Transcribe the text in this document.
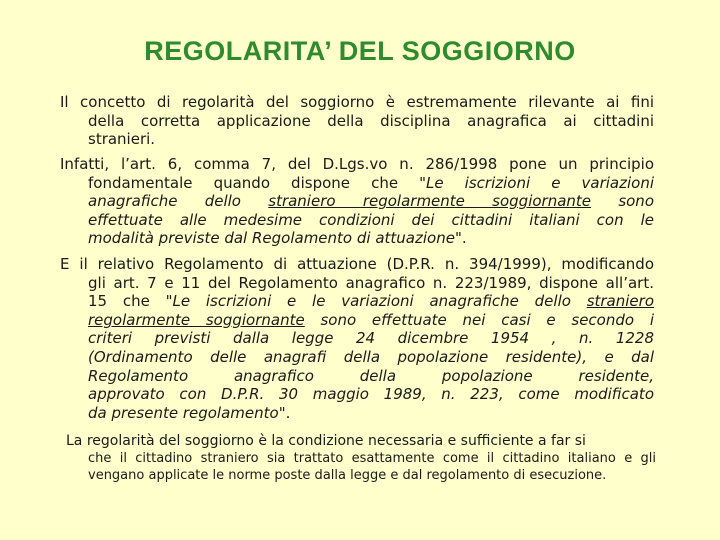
REGOLARITA’ DEL SOGGIORNO
Il concetto di regolarità del soggiorno è estremamente rilevante ai fini
della corretta applicazione della disciplina anagrafica ai cittadini
stranieri.
Infatti, l’art. 6, comma 7, del D.Lgs.vo n. 286/1998 pone un principio
fondamentale quando dispone che "Le iscrizioni e variazioni
anagrafiche dello straniero regolarmente soggiornante sono
effettuate alle medesime condizioni dei cittadini italiani con le
modalità previste dal Regolamento di attuazione".
E il relativo Regolamento di attuazione (D.P.R. n. 394/1999), modificando
gli art. 7 e 11 del Regolamento anagrafico n. 223/1989, dispone all’art.
15 che "Le iscrizioni e le variazioni anagrafiche dello straniero
regolarmente soggiornante sono effettuate nei casi e secondo i
criteri previsti dalla legge 24 dicembre 1954 , n. 1228
(Ordinamento delle anagrafi della popolazione residente), e dal
Regolamento anagrafico della popolazione residente,
approvato con D.P.R. 30 maggio 1989, n. 223, come modificato
da presente regolamento".
La regolarità del soggiorno è la condizione necessaria e sufficiente a far si
che il cittadino straniero sia trattato esattamente come il cittadino italiano e gli
vengano applicate le norme poste dalla legge e dal regolamento di esecuzione.
